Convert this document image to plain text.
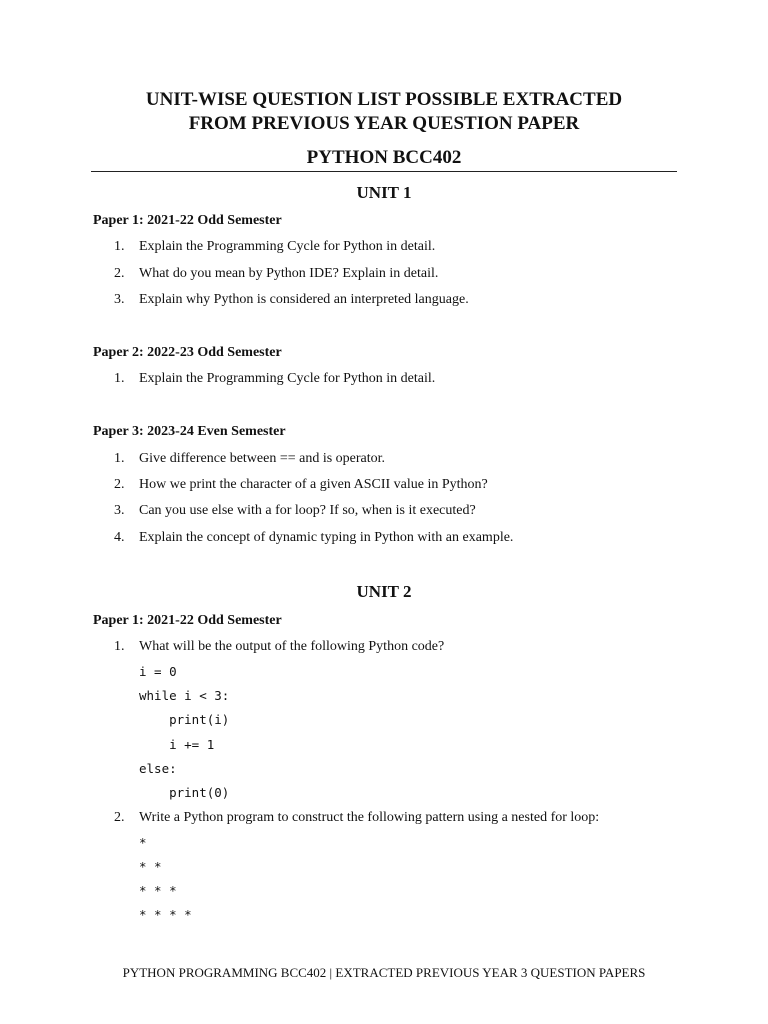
UNIT-WISE QUESTION LIST POSSIBLE EXTRACTED
FROM PREVIOUS YEAR QUESTION PAPER
PYTHON BCC402
UNIT 1
Paper 1: 2021-22 Odd Semester
1. Explain the Programming Cycle for Python in detail.
2. What do you mean by Python IDE? Explain in detail.
3. Explain why Python is considered an interpreted language.
Paper 2: 2022-23 Odd Semester
1. Explain the Programming Cycle for Python in detail.
Paper 3: 2023-24 Even Semester
1. Give difference between == and is operator.
2. How we print the character of a given ASCII value in Python?
3. Can you use else with a for loop? If so, when is it executed?
4. Explain the concept of dynamic typing in Python with an example.
UNIT 2
Paper 1: 2021-22 Odd Semester
1. What will be the output of the following Python code?
i = 0
while i < 3:
print(i)
i += 1
else:
print(0)
2. Write a Python program to construct the following pattern using a nested for loop:
*
* *
* * *
* * * *
PYTHON PROGRAMMING BCC402 | EXTRACTED PREVIOUS YEAR 3 QUESTION PAPERS
